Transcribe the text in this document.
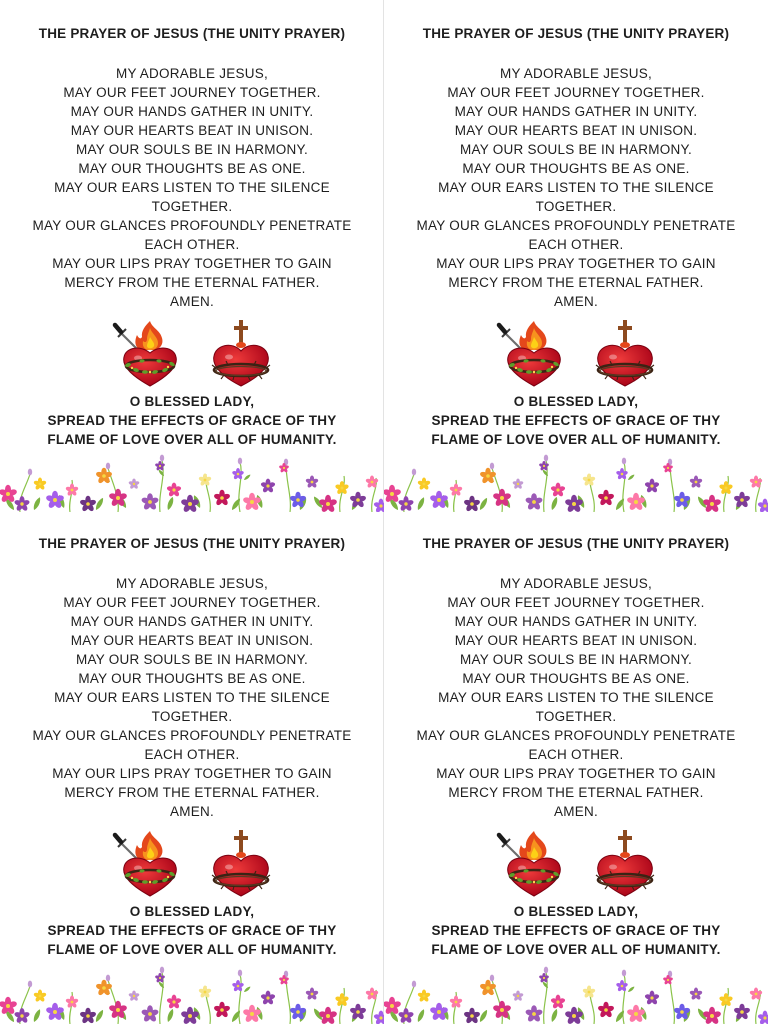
THE PRAYER OF JESUS (THE UNITY PRAYER)

MY ADORABLE JESUS,

MAY OUR FEET JOURNEY TOGETHER.

MAY OUR HANDS GATHER IN UNITY.

MAY OUR HEARTS BEAT IN UNISON.

MAY OUR SOULS BE IN HARMONY.

MAY OUR THOUGHTS BE AS ONE.

MAY OUR EARS LISTEN TO THE SILENCE

TOGETHER.

MAY OUR GLANCES PROFOUNDLY PENETRATE

EACH OTHER.

MAY OUR LIPS PRAY TOGETHER TO GAIN

MERCY FROM THE ETERNAL FATHER.

AMEN.

O BLESSED LADY,

SPREAD THE EFFECTS OF GRACE OF THY

FLAME OF LOVE OVER ALL OF HUMANITY.

THE PRAYER OF JESUS (THE UNITY PRAYER)

MY ADORABLE JESUS,

MAY OUR FEET JOURNEY TOGETHER.

MAY OUR HANDS GATHER IN UNITY.

MAY OUR HEARTS BEAT IN UNISON.

MAY OUR SOULS BE IN HARMONY.

MAY OUR THOUGHTS BE AS ONE.

MAY OUR EARS LISTEN TO THE SILENCE

TOGETHER.

MAY OUR GLANCES PROFOUNDLY PENETRATE

EACH OTHER.

MAY OUR LIPS PRAY TOGETHER TO GAIN

MERCY FROM THE ETERNAL FATHER.

AMEN.

O BLESSED LADY,

SPREAD THE EFFECTS OF GRACE OF THY

FLAME OF LOVE OVER ALL OF HUMANITY.

THE PRAYER OF JESUS (THE UNITY PRAYER)

MY ADORABLE JESUS,

MAY OUR FEET JOURNEY TOGETHER.

MAY OUR HANDS GATHER IN UNITY.

MAY OUR HEARTS BEAT IN UNISON.

MAY OUR SOULS BE IN HARMONY.

MAY OUR THOUGHTS BE AS ONE.

MAY OUR EARS LISTEN TO THE SILENCE

TOGETHER.

MAY OUR GLANCES PROFOUNDLY PENETRATE

EACH OTHER.

MAY OUR LIPS PRAY TOGETHER TO GAIN

MERCY FROM THE ETERNAL FATHER.

AMEN.

O BLESSED LADY,

SPREAD THE EFFECTS OF GRACE OF THY

FLAME OF LOVE OVER ALL OF HUMANITY.

THE PRAYER OF JESUS (THE UNITY PRAYER)

MY ADORABLE JESUS,

MAY OUR FEET JOURNEY TOGETHER.

MAY OUR HANDS GATHER IN UNITY.

MAY OUR HEARTS BEAT IN UNISON.

MAY OUR SOULS BE IN HARMONY.

MAY OUR THOUGHTS BE AS ONE.

MAY OUR EARS LISTEN TO THE SILENCE

TOGETHER.

MAY OUR GLANCES PROFOUNDLY PENETRATE

EACH OTHER.

MAY OUR LIPS PRAY TOGETHER TO GAIN

MERCY FROM THE ETERNAL FATHER.

AMEN.

O BLESSED LADY,

SPREAD THE EFFECTS OF GRACE OF THY

FLAME OF LOVE OVER ALL OF HUMANITY.
